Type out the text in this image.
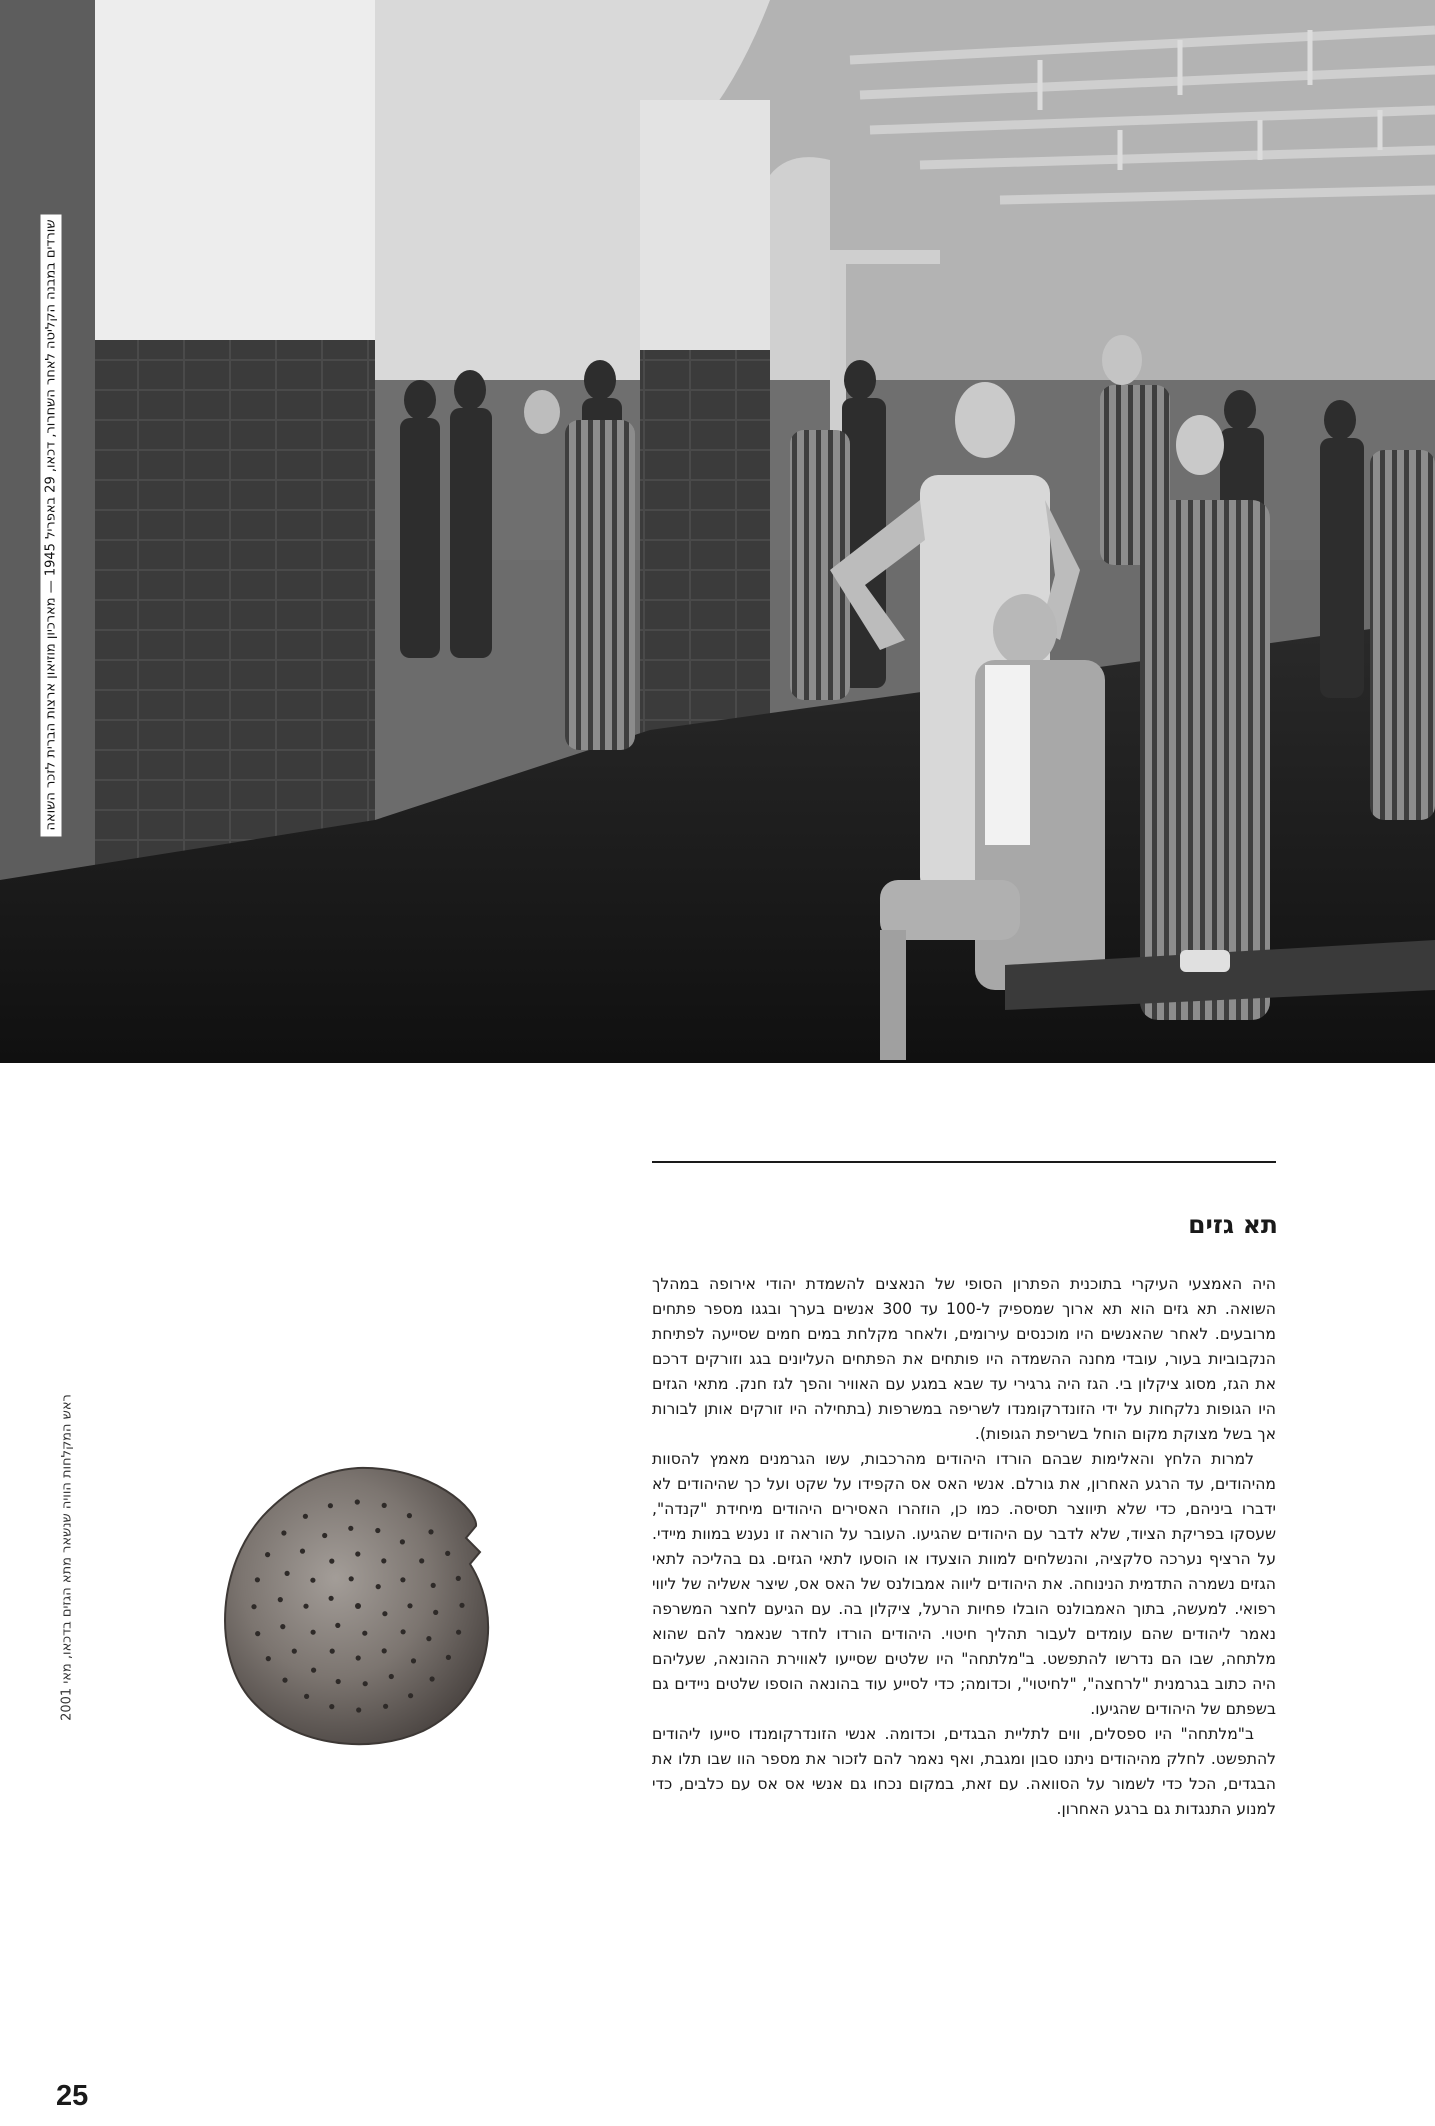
שורדים במבנה הקליטה לאחר השחרור, דכאו, 29 באפריל 1945 — מארכיון מוזיאון ארצות הברית לזכר השואה
תא גזים

היה האמצעי העיקרי בתוכנית הפתרון הסופי של הנאצים להשמדת יהודי אירופה במהלך השואה. תא גזים הוא תא ארוך שמספיק ל-100 עד 300 אנשים בערך ובגגו מספר פתחים מרובעים. לאחר שהאנשים היו מוכנסים עירומים, ולאחר מקלחת במים חמים שסייעה לפתיחת הנקבוביות בעור, עובדי מחנה ההשמדה היו פותחים את הפתחים העליונים בגג וזורקים דרכם את הגז, מסוג ציקלון בי. הגז היה גרגירי עד שבא במגע עם האוויר והפך לגז חנק. מתאי הגזים היו הגופות נלקחות על ידי הזונדרקומנדו לשריפה במשרפות (בתחילה היו זורקים אותן לבורות אך בשל מצוקת מקום הוחל בשריפת הגופות).

למרות הלחץ והאלימות שבהם הורדו היהודים מהרכבות, עשו הגרמנים מאמץ להסוות מהיהודים, עד הרגע האחרון, את גורלם. אנשי האס אס הקפידו על שקט ועל כך שהיהודים לא ידברו ביניהם, כדי שלא תיווצר תסיסה. כמו כן, הוזהרו האסירים היהודים מיחידת "קנדה", שעסקו בפריקת הציוד, שלא לדבר עם היהודים שהגיעו. העובר על הוראה זו נענש במוות מיידי. על הרציף נערכה סלקציה, והנשלחים למוות הוצעדו או הוסעו לתאי הגזים. גם בהליכה לתאי הגזים נשמרה התדמית הנינוחה. את היהודים ליווה אמבולנס של האס אס, שיצר אשליה של ליווי רפואי. למעשה, בתוך האמבולנס הובלו פחיות הרעל, ציקלון בה. עם הגיעם לחצר המשרפה נאמר ליהודים שהם עומדים לעבור תהליך חיטוי. היהודים הורדו לחדר שנאמר להם שהוא מלתחה, שבו הם נדרשו להתפשט. ב"מלתחה" היו שלטים שסייעו לאווירת ההונאה, שעליהם היה כתוב בגרמנית "לרחצה", "לחיטוי", וכדומה; כדי לסייע עוד בהונאה הוספו שלטים ניידים גם בשפתם של היהודים שהגיעו.

ב"מלתחה" היו ספסלים, ווים לתליית הבגדים, וכדומה. אנשי הזונדרקומנדו סייעו ליהודים להתפשט. לחלק מהיהודים ניתנו סבון ומגבת, ואף נאמר להם לזכור את מספר הוו שבו תלו את הבגדים, הכל כדי לשמור על הסוואה. עם זאת, במקום נכחו גם אנשי אס אס עם כלבים, כדי למנוע התנגדות גם ברגע האחרון.

ראש המקלחות הוויה שנשאר מתא הגזים בדכאו, מאי 2001
25
